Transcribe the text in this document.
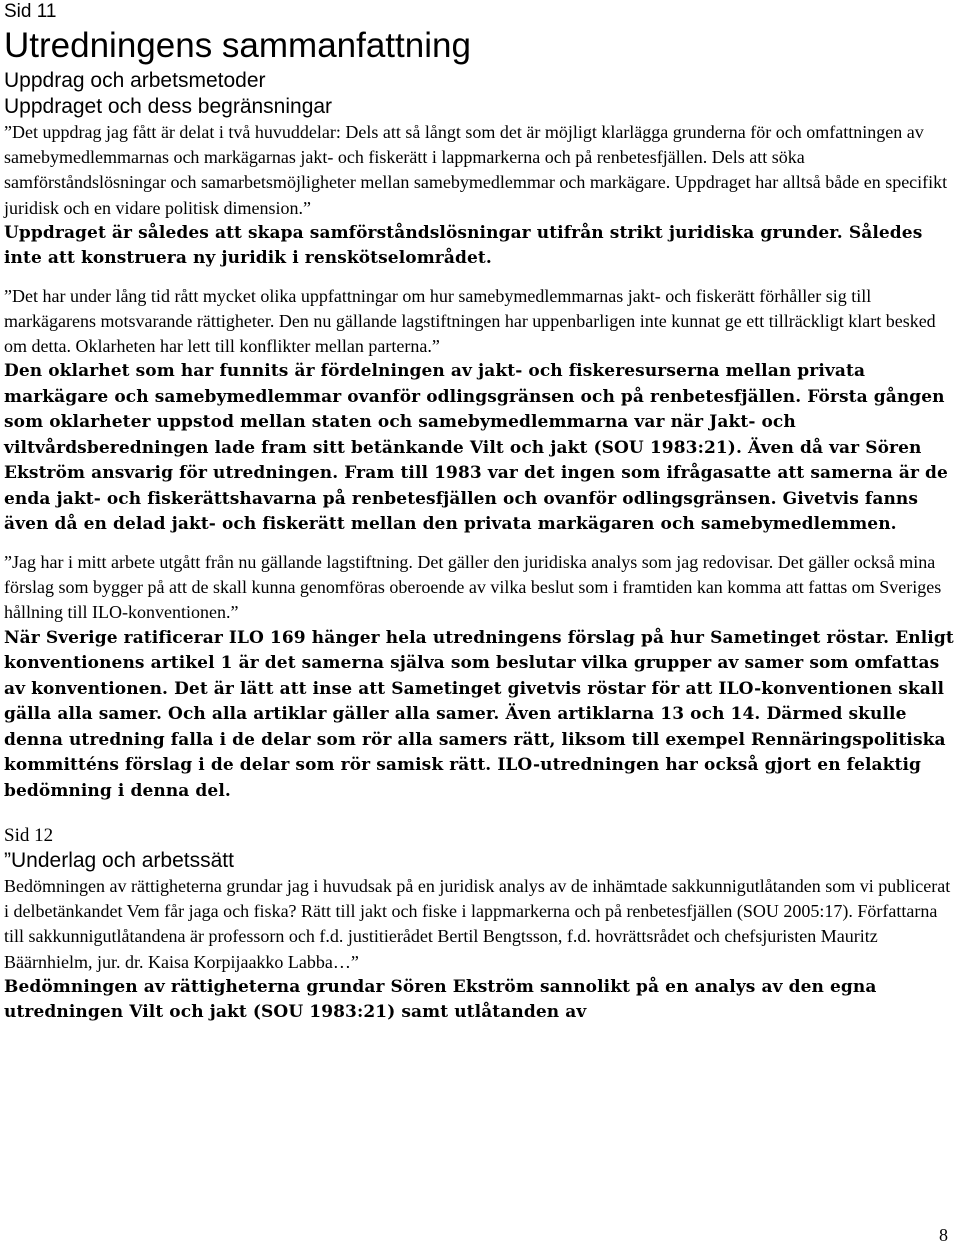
Sid 11

Utredningens sammanfattning
Uppdrag och arbetsmetoder
Uppdraget och dess begränsningar

”Det uppdrag jag fått är delat i två huvuddelar: Dels att så långt som det är möjligt klarlägga grunderna för och omfattningen av samebymedlemmarnas och markägarnas jakt- och fiskerätt i lappmarkerna och på renbetesfjällen. Dels att söka samförståndslösningar och samarbetsmöjligheter mellan samebymedlemmar och markägare. Uppdraget har alltså både en specifikt juridisk och en vidare politisk dimension.”

Uppdraget är således att skapa samförståndslösningar utifrån strikt juridiska grunder. Således inte att konstruera ny juridik i renskötselområdet.

”Det har under lång tid rått mycket olika uppfattningar om hur samebymedlemmarnas jakt- och fiskerätt förhåller sig till markägarens motsvarande rättigheter. Den nu gällande lagstiftningen har uppenbarligen inte kunnat ge ett tillräckligt klart besked om detta. Oklarheten har lett till konflikter mellan parterna.”

Den oklarhet som har funnits är fördelningen av jakt- och fiskeresurserna mellan privata markägare och samebymedlemmar ovanför odlingsgränsen och på renbetesfjällen. Första gången som oklarheter uppstod mellan staten och samebymedlemmarna var när Jakt- och viltvårdsberedningen lade fram sitt betänkande Vilt och jakt (SOU 1983:21). Även då var Sören Ekström ansvarig för utredningen. Fram till 1983 var det ingen som ifrågasatte att samerna är de enda jakt- och fiskerättshavarna på renbetesfjällen och ovanför odlingsgränsen. Givetvis fanns även då en delad jakt- och fiskerätt mellan den privata markägaren och samebymedlemmen.

”Jag har i mitt arbete utgått från nu gällande lagstiftning. Det gäller den juridiska analys som jag redovisar. Det gäller också mina förslag som bygger på att de skall kunna genomföras oberoende av vilka beslut som i framtiden kan komma att fattas om Sveriges hållning till ILO-konventionen.”

När Sverige ratificerar ILO 169 hänger hela utredningens förslag på hur Sametinget röstar. Enligt konventionens artikel 1 är det samerna själva som beslutar vilka grupper av samer som omfattas av konventionen. Det är lätt att inse att Sametinget givetvis röstar för att ILO-konventionen skall gälla alla samer. Och alla artiklar gäller alla samer. Även artiklarna 13 och 14. Därmed skulle denna utredning falla i de delar som rör alla samers rätt, liksom till exempel Rennäringspolitiska kommitténs förslag i de delar som rör samisk rätt. ILO-utredningen har också gjort en felaktig bedömning i denna del.

Sid 12

”Underlag och arbetssätt

Bedömningen av rättigheterna grundar jag i huvudsak på en juridisk analys av de inhämtade sakkunnigutlåtanden som vi publicerat i delbetänkandet Vem får jaga och fiska? Rätt till jakt och fiske i lappmarkerna och på renbetesfjällen (SOU 2005:17). Författarna till sakkunnigutlåtandena är professorn och f.d. justitierådet Bertil Bengtsson, f.d. hovrättsrådet och chefsjuristen Mauritz Bäärnhielm, jur. dr. Kaisa Korpijaakko Labba…”

Bedömningen av rättigheterna grundar Sören Ekström sannolikt på en analys av den egna utredningen Vilt och jakt (SOU 1983:21) samt utlåtanden av

8
